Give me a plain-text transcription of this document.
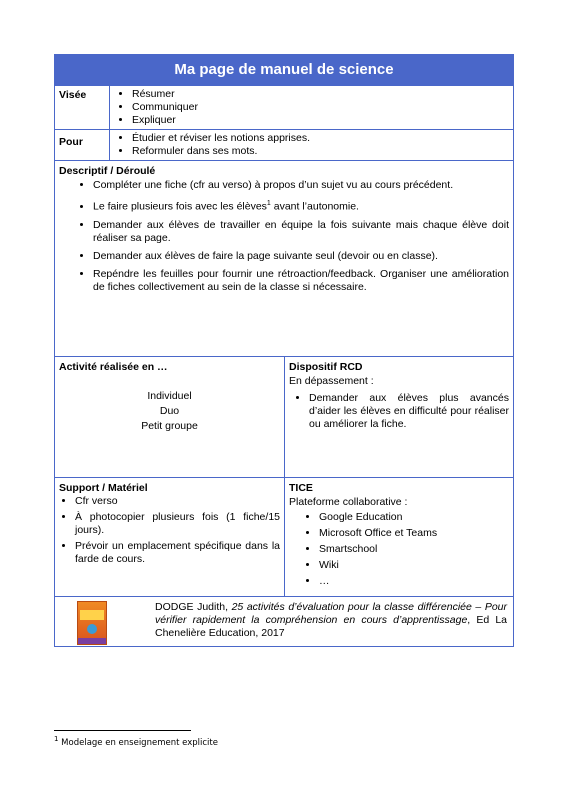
Ma page de manuel de science
Visée	• Résumer
• Communiquer
• Expliquer
Pour	• Étudier et réviser les notions apprises.
• Reformuler dans ses mots.
Descriptif / Déroulé
• Compléter une fiche (cfr au verso) à propos d’un sujet vu au cours précédent.
• Le faire plusieurs fois avec les élèves$^1$ avant l’autonomie.
• Demander aux élèves de travailler en équipe la fois suivante mais chaque élève doit réaliser sa page.
• Demander aux élèves de faire la page suivante seul (devoir ou en classe).
• Repéndre les feuilles pour fournir une rétroaction/feedback. Organiser une amélioration de fiches collectivement au sein de la classe si nécessaire.
Activité réalisée en …
Individuel
Duo
Petit groupe
Dispositif RCD
En dépassement :
• Demander aux élèves plus avancés d’aider les élèves en difficulté pour réaliser ou améliorer la fiche.
Support / Matériel
• Cfr verso
• À photocopier plusieurs fois (1 fiche/15 jours).
• Prévoir un emplacement spécifique dans la farde de cours.
TICE
Plateforme collaborative :
• Google Education
• Microsoft Office et Teams
• Smartschool
• Wiki
• …
DODGE Judith, 25 activités d’évaluation pour la classe différenciée – Pour vérifier rapidement la compréhension en cours d’apprentissage, Ed La Chenelière Education, 2017
$^1$ Modelage en enseignement explicite
